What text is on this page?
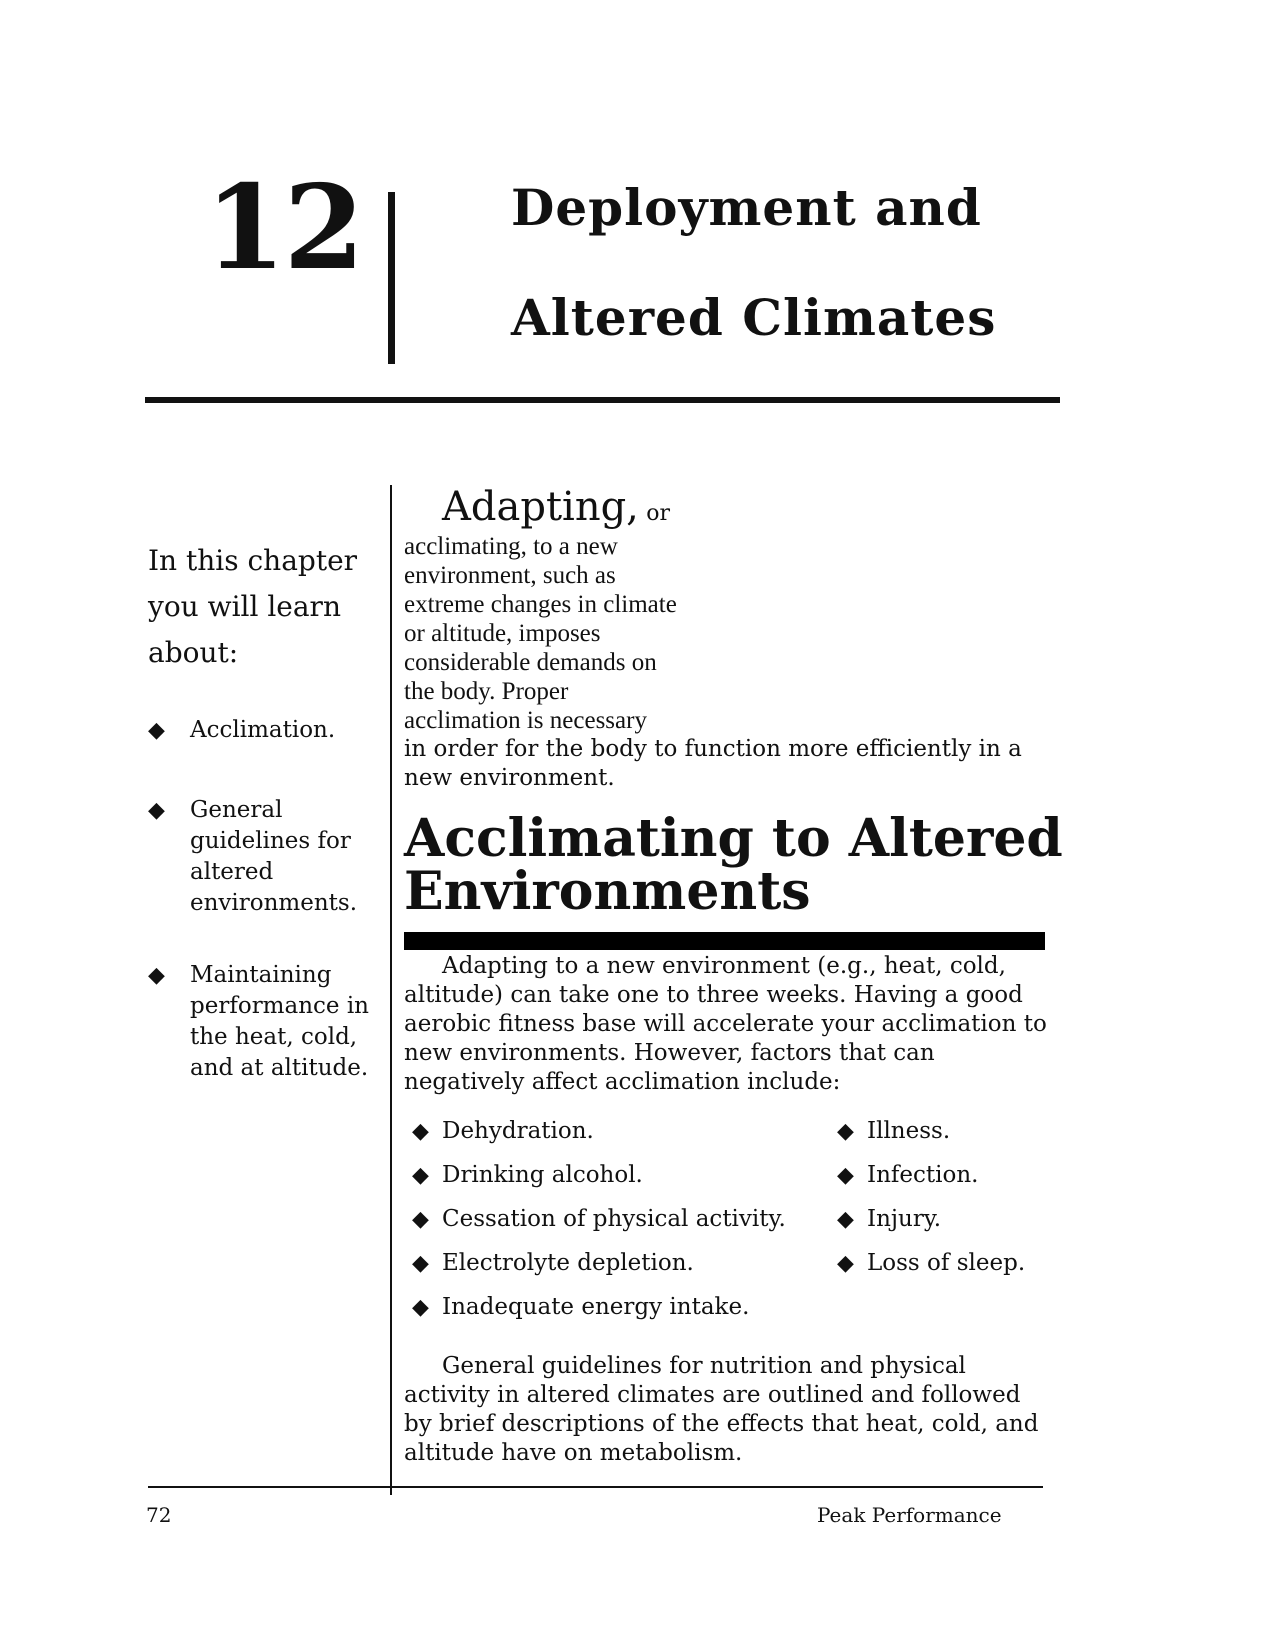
12	Deployment and
Altered Climates
In this chapter you will learn about:
◆ Acclimation.
◆ General guidelines for altered environments.
◆ Maintaining performance in the heat, cold, and at altitude.
Adapting, or
acclimating, to a new
environment, such as
extreme changes in climate
or altitude, imposes
considerable demands on
the body. Proper
acclimation is necessary
in order for the body to function more efficiently in a new environment.
Acclimating to Altered Environments
Adapting to a new environment (e.g., heat, cold, altitude) can take one to three weeks. Having a good aerobic fitness base will accelerate your acclimation to new environments. However, factors that can negatively affect acclimation include:
◆ Dehydration.
◆ Drinking alcohol.
◆ Cessation of physical activity.
◆ Electrolyte depletion.
◆ Inadequate energy intake.
◆ Illness.
◆ Infection.
◆ Injury.
◆ Loss of sleep.
General guidelines for nutrition and physical activity in altered climates are outlined and followed by brief descriptions of the effects that heat, cold, and altitude have on metabolism.
72	Peak Performance
